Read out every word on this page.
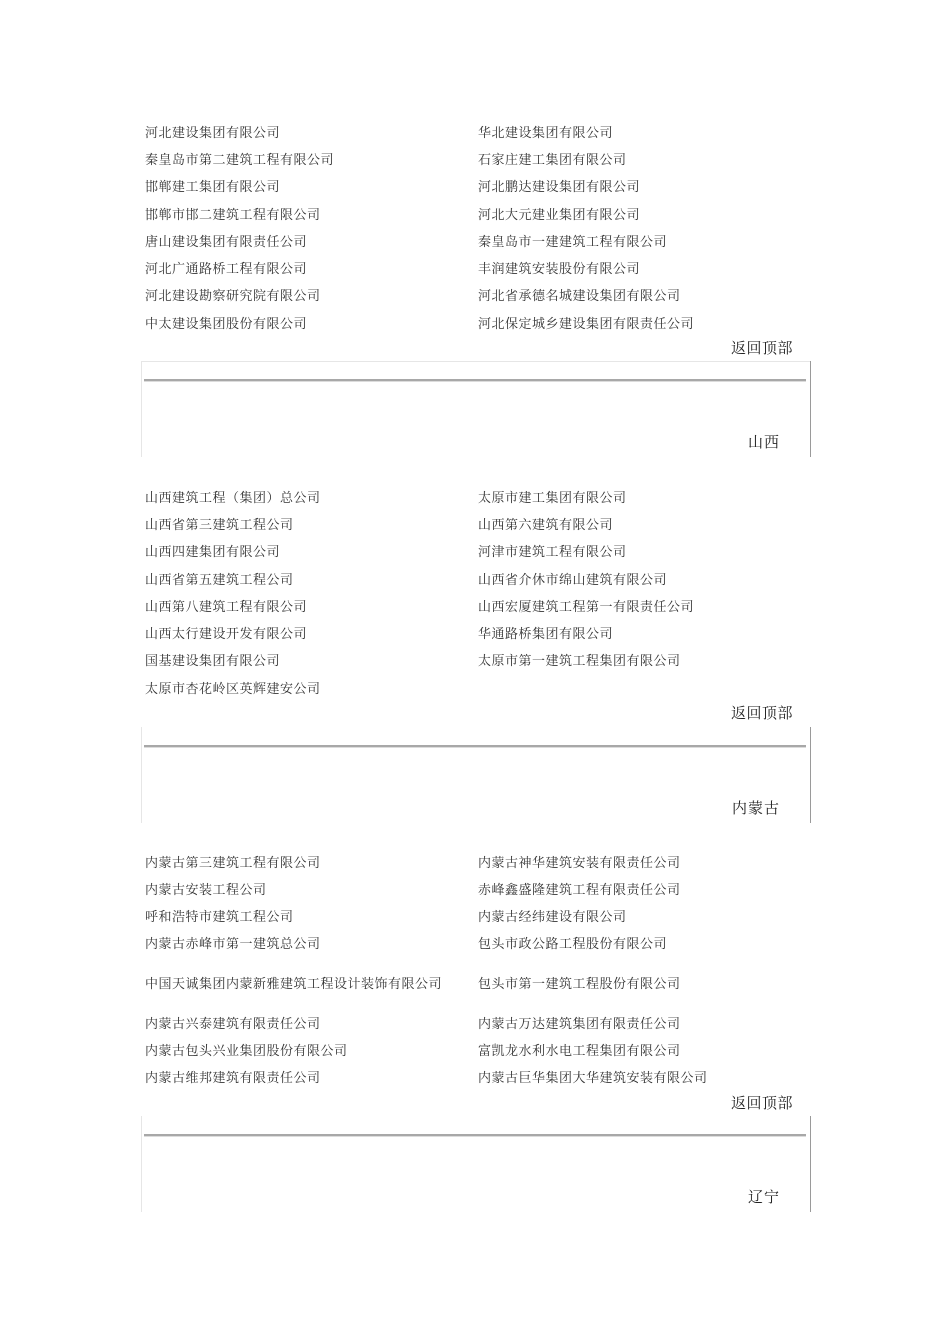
河北建设集团有限公司	华北建设集团有限公司
秦皇岛市第二建筑工程有限公司	石家庄建工集团有限公司
邯郸建工集团有限公司	河北鹏达建设集团有限公司
邯郸市邯二建筑工程有限公司	河北大元建业集团有限公司
唐山建设集团有限责任公司	秦皇岛市一建建筑工程有限公司
河北广通路桥工程有限公司	丰润建筑安装股份有限公司
河北建设勘察研究院有限公司	河北省承德名城建设集团有限公司
中太建设集团股份有限公司	河北保定城乡建设集团有限责任公司
返回顶部
山西
山西建筑工程（集团）总公司	太原市建工集团有限公司
山西省第三建筑工程公司	山西第六建筑有限公司
山西四建集团有限公司	河津市建筑工程有限公司
山西省第五建筑工程公司	山西省介休市绵山建筑有限公司
山西第八建筑工程有限公司	山西宏厦建筑工程第一有限责任公司
山西太行建设开发有限公司	华通路桥集团有限公司
国基建设集团有限公司	太原市第一建筑工程集团有限公司
太原市杏花岭区英辉建安公司
返回顶部
内蒙古
内蒙古第三建筑工程有限公司	内蒙古神华建筑安装有限责任公司
内蒙古安装工程公司	赤峰鑫盛隆建筑工程有限责任公司
呼和浩特市建筑工程公司	内蒙古经纬建设有限公司
内蒙古赤峰市第一建筑总公司	包头市政公路工程股份有限公司
中国天诚集团内蒙新雅建筑工程设计装饰有限公司	包头市第一建筑工程股份有限公司
内蒙古兴泰建筑有限责任公司	内蒙古万达建筑集团有限责任公司
内蒙古包头兴业集团股份有限公司	富凯龙水利水电工程集团有限公司
内蒙古维邦建筑有限责任公司	内蒙古巨华集团大华建筑安装有限公司
返回顶部
辽宁
